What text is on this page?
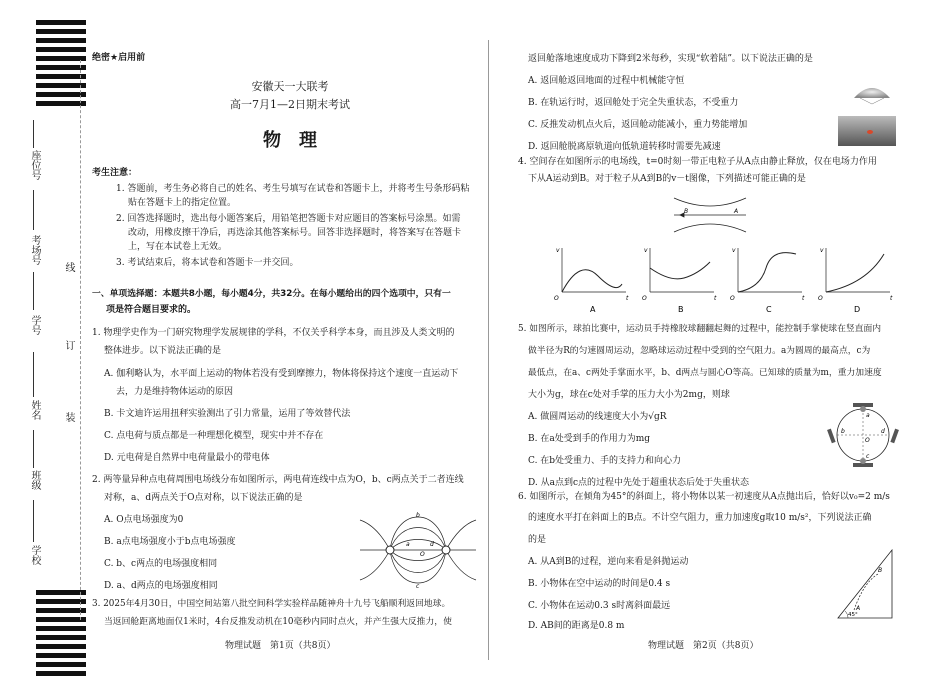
座位号
考场号
学号
姓名
班级
学校
线
订
装
绝密★启用前
安徽天一大联考
高一7月1—2日期末考试
物　理
考生注意：
1. 答题前，考生务必将自己的姓名、考生号填写在试卷和答题卡上，并将考生号条形码粘
贴在答题卡上的指定位置。
2. 回答选择题时，选出每小题答案后，用铅笔把答题卡对应题目的答案标号涂黑。如需
改动，用橡皮擦干净后，再选涂其他答案标号。回答非选择题时，将答案写在答题卡
上，写在本试卷上无效。
3. 考试结束后，将本试卷和答题卡一并交回。
一、单项选择题：本题共8小题，每小题4分，共32分。在每小题给出的四个选项中，只有一
项是符合题目要求的。
1. 物理学史作为一门研究物理学发展规律的学科，不仅关乎科学本身，而且涉及人类文明的
整体进步。以下说法正确的是
A. 伽利略认为，水平面上运动的物体若没有受到摩擦力，物体将保持这个速度一直运动下
去，力是维持物体运动的原因
B. 卡文迪许运用扭秤实验测出了引力常量，运用了等效替代法
C. 点电荷与质点都是一种理想化模型，现实中并不存在
D. 元电荷是自然界中电荷量最小的带电体
2. 两等量异种点电荷周围电场线分布如图所示，两电荷连线中点为O，b、c两点关于二者连线
对称，a、d两点关于O点对称，以下说法正确的是
A. O点电场强度为0
B. a点电场强度小于b点电场强度
C. b、c两点的电场强度相同
D. a、d两点的电场强度相同
b
a
O
d
c
3. 2025年4月30日，中国空间站第八批空间科学实验样品随神舟十九号飞船顺利返回地球。
当返回舱距离地面仅1米时，4台反推发动机在10毫秒内同时点火，并产生强大反推力，使
物理试题　第1页（共8页）
返回舱落地速度成功下降到2米每秒，实现“软着陆”。以下说法正确的是
A. 返回舱返回地面的过程中机械能守恒
B. 在轨运行时，返回舱处于完全失重状态，不受重力
C. 反推发动机点火后，返回舱动能减小，重力势能增加
D. 返回舱脱离原轨道向低轨道转移时需要先减速
4. 空间存在如图所示的电场线，t=0时刻一带正电粒子从A点由静止释放，仅在电场力作用
下从A运动到B。对于粒子从A到B的v－t图像，下列描述可能正确的是
B	A
v
t
O
v
t
O
v
t
O
v
t
O
A	B	C	D
5. 如图所示，球拍比赛中，运动员手持橡胶球翻翻起舞的过程中，能控制手掌使球在竖直面内
做半径为R的匀速圆周运动，忽略球运动过程中受到的空气阻力。a为圆周的最高点，c为
最低点，在a、c两处手掌面水平，b、d两点与圆心O等高。已知球的质量为m，重力加速度
大小为g，球在c处对手掌的压力大小为2mg，则球
A. 做圆周运动的线速度大小为√gR
B. 在a处受到手的作用力为mg
C. 在b处受重力、手的支持力和向心力
D. 从a点到c点的过程中先处于超重状态后处于失重状态
a
b
O
d
c
6. 如图所示，在倾角为45°的斜面上，将小物体以某一初速度从A点抛出后，恰好以v₀=2 m/s
的速度水平打在斜面上的B点。不计空气阻力，重力加速度g取10 m/s²，下列说法正确
的是
A. 从A到B的过程，逆向来看是斜抛运动
B. 小物体在空中运动的时间是0.4 s
C. 小物体在运动0.3 s时离斜面最远
D. AB间的距离是0.8 m
B
A
45°
物理试题　第2页（共8页）
